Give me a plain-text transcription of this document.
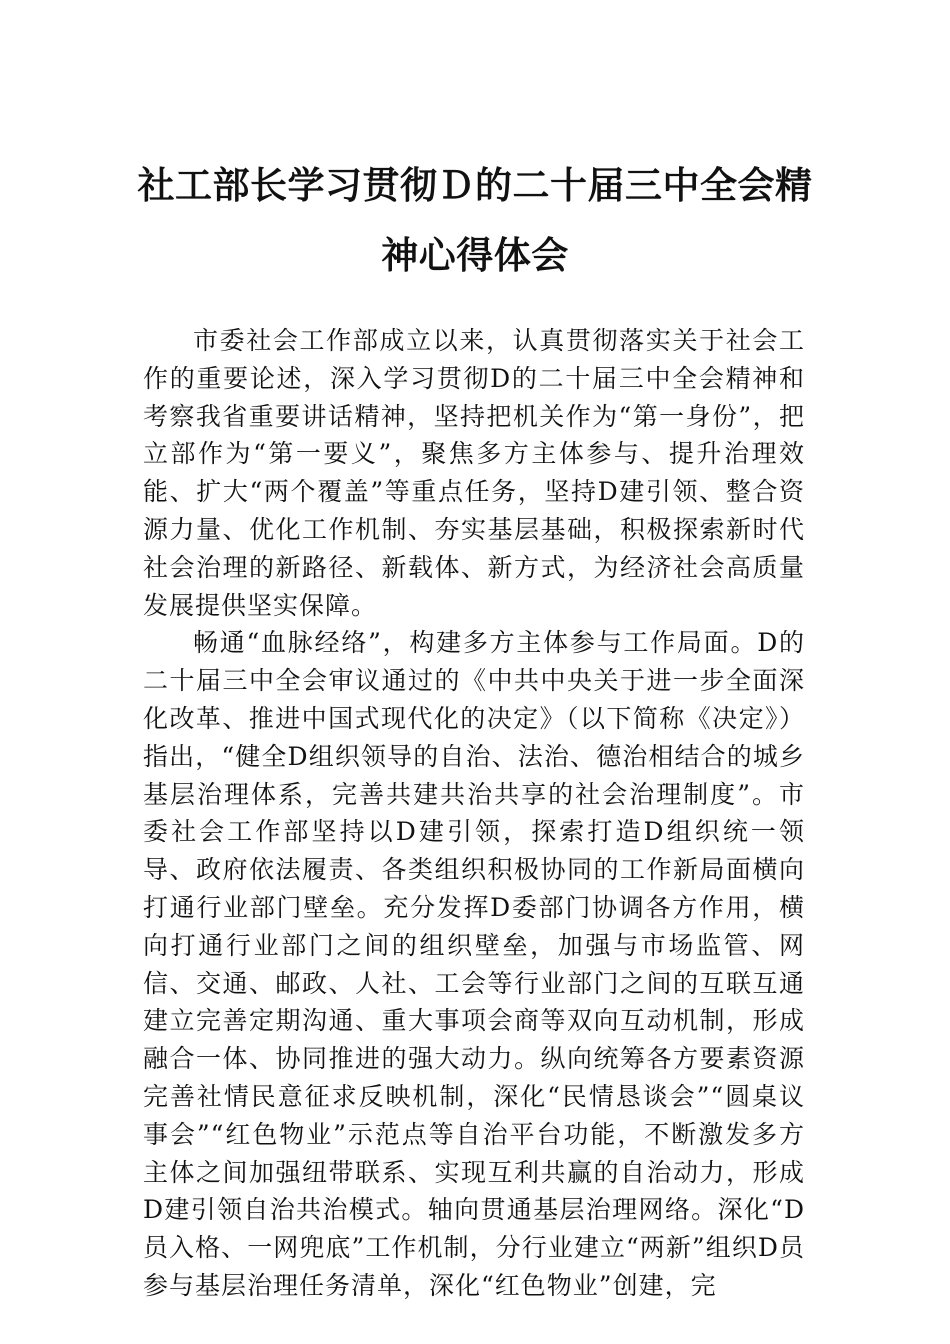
社工部长学习贯彻Ｄ的二十届三中全会精神心得体会

市委社会工作部成立以来，认真贯彻落实关于社会工作的重要论述，深入学习贯彻D的二十届三中全会精神和考察我省重要讲话精神，坚持把机关作为“第一身份”，把立部作为“第一要义”，聚焦多方主体参与、提升治理效能、扩大“两个覆盖”等重点任务，坚持D建引领、整合资源力量、优化工作机制、夯实基层基础，积极探索新时代社会治理的新路径、新载体、新方式，为经济社会高质量发展提供坚实保障。

畅通“血脉经络”，构建多方主体参与工作局面。D的二十届三中全会审议通过的《中共中央关于进一步全面深化改革、推进中国式现代化的决定》（以下简称《决定》）指出，“健全D组织领导的自治、法治、德治相结合的城乡基层治理体系，完善共建共治共享的社会治理制度”。市委社会工作部坚持以D建引领，探索打造D组织统一领导、政府依法履责、各类组织积极协同的工作新局面横向打通行业部门壁垒。充分发挥D委部门协调各方作用，横向打通行业部门之间的组织壁垒，加强与市场监管、网信、交通、邮政、人社、工会等行业部门之间的互联互通建立完善定期沟通、重大事项会商等双向互动机制，形成融合一体、协同推进的强大动力。纵向统筹各方要素资源完善社情民意征求反映机制，深化“民情恳谈会”“圆桌议事会”“红色物业”示范点等自治平台功能，不断激发多方主体之间加强纽带联系、实现互利共赢的自治动力，形成D建引领自治共治模式。轴向贯通基层治理网络。深化“D员入格、一网兜底”工作机制，分行业建立“两新”组织D员参与基层治理任务清单，深化“红色物业”创建，完
